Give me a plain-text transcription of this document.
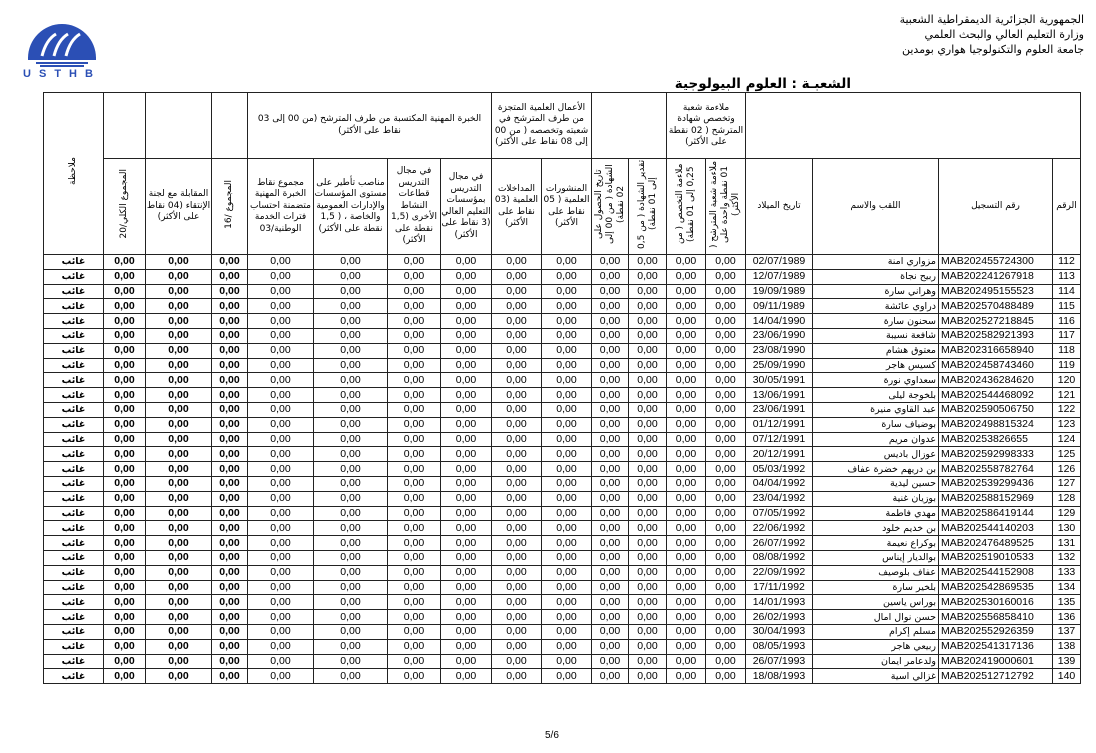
USTHB
الجمهورية الجزائرية الديمقراطية الشعبية
وزارة التعليم العالي والبحث العلمي
جامعة العلوم والتكنولوجيا هواري بومدين
الشعبـة : العلوم البيولوجية
ملاحظة				الخبرة المهنية المكتسبة من طرف المترشح (من 00 إلى 03 نقاط على الأكثر)				الأعمال العلمية المتجزة من طرف المترشح في شعبته وتخصصه ( من 00 إلى 08 نقاط على الأكثر)				ملاءمة شعبة وتخصص شهادة المترشح ( 02 نقطة على الأكثر)					
	المجموع الكلي/20	المقابلة مع لجنة الإنتقاء (04 نقاط على الأكثر)	المجموع /16	مجموع نقاط الخبرة المهنية متضمنة احتساب فترات الخدمة الوطنية/03	مناصب تأطير على مستوى المؤسسات والإدارات العمومية والخاصة ، ( 1,5 نقطة على الأكثر)	في مجال التدريس قطاعات النشاط الأخرى (1,5 نقطة على الأكثر)	في مجال التدريس بمؤسسات التعليم العالي (3 نقاط على الأكثر)	المداخلات العلمية (03 نقاط على الأكثر)	المنشورات العلمية ( 05 نقاط على الأكثر)	تاريخ الحصول على الشهادة ( من 00 إلى 02 نقطة)	تقدير الشهادة ( من 0,5 إلى 01 نقطة)	ملاءمة التخصص ( من 0,25 إلى 01 نقطة)	ملاءمة شعبة المترشح ( 01 نقطة واحدة على الأكثر)	تاريخ الميلاد	اللقب والاسم	رقم التسجيل	الرقم
غائب	0,00	0,00	0,00	0,00	0,00	0,00	0,00	0,00	0,00	0,00	0,00	0,00	0,00	02/07/1989	مزواري امنة	MAB202455724300	112
غائب	0,00	0,00	0,00	0,00	0,00	0,00	0,00	0,00	0,00	0,00	0,00	0,00	0,00	12/07/1989	ربيح نجاة	MAB202241267918	113
غائب	0,00	0,00	0,00	0,00	0,00	0,00	0,00	0,00	0,00	0,00	0,00	0,00	0,00	19/09/1989	وهراني سارة	MAB202495155523	114
غائب	0,00	0,00	0,00	0,00	0,00	0,00	0,00	0,00	0,00	0,00	0,00	0,00	0,00	09/11/1989	دراوي عائشة	MAB202570488489	115
غائب	0,00	0,00	0,00	0,00	0,00	0,00	0,00	0,00	0,00	0,00	0,00	0,00	0,00	14/04/1990	سحنون سارة	MAB202527218845	116
غائب	0,00	0,00	0,00	0,00	0,00	0,00	0,00	0,00	0,00	0,00	0,00	0,00	0,00	23/06/1990	شافعة نسيبة	MAB202582921393	117
غائب	0,00	0,00	0,00	0,00	0,00	0,00	0,00	0,00	0,00	0,00	0,00	0,00	0,00	23/08/1990	معتوق هشام	MAB202316658940	118
غائب	0,00	0,00	0,00	0,00	0,00	0,00	0,00	0,00	0,00	0,00	0,00	0,00	0,00	25/09/1990	كسيس هاجر	MAB202458743460	119
غائب	0,00	0,00	0,00	0,00	0,00	0,00	0,00	0,00	0,00	0,00	0,00	0,00	0,00	30/05/1991	سعداوي نورة	MAB202436284620	120
غائب	0,00	0,00	0,00	0,00	0,00	0,00	0,00	0,00	0,00	0,00	0,00	0,00	0,00	13/06/1991	بلخوجة ليلى	MAB202544468092	121
غائب	0,00	0,00	0,00	0,00	0,00	0,00	0,00	0,00	0,00	0,00	0,00	0,00	0,00	23/06/1991	عبد القاوي منيرة	MAB202590506750	122
غائب	0,00	0,00	0,00	0,00	0,00	0,00	0,00	0,00	0,00	0,00	0,00	0,00	0,00	01/12/1991	بوضياف سارة	MAB202498815324	123
غائب	0,00	0,00	0,00	0,00	0,00	0,00	0,00	0,00	0,00	0,00	0,00	0,00	0,00	07/12/1991	عدوان مريم	MAB20253826655	124
غائب	0,00	0,00	0,00	0,00	0,00	0,00	0,00	0,00	0,00	0,00	0,00	0,00	0,00	20/12/1991	عوزال باديس	MAB202592998333	125
غائب	0,00	0,00	0,00	0,00	0,00	0,00	0,00	0,00	0,00	0,00	0,00	0,00	0,00	05/03/1992	بن دريهم خضرة عفاف	MAB202558782764	126
غائب	0,00	0,00	0,00	0,00	0,00	0,00	0,00	0,00	0,00	0,00	0,00	0,00	0,00	04/04/1992	حسين ليدية	MAB202539299436	127
غائب	0,00	0,00	0,00	0,00	0,00	0,00	0,00	0,00	0,00	0,00	0,00	0,00	0,00	23/04/1992	بوزيان غنية	MAB202588152969	128
غائب	0,00	0,00	0,00	0,00	0,00	0,00	0,00	0,00	0,00	0,00	0,00	0,00	0,00	07/05/1992	مهدي فاطمة	MAB202586419144	129
غائب	0,00	0,00	0,00	0,00	0,00	0,00	0,00	0,00	0,00	0,00	0,00	0,00	0,00	22/06/1992	بن خديم خلود	MAB202544140203	130
غائب	0,00	0,00	0,00	0,00	0,00	0,00	0,00	0,00	0,00	0,00	0,00	0,00	0,00	26/07/1992	بوكراع نعيمة	MAB202476489525	131
غائب	0,00	0,00	0,00	0,00	0,00	0,00	0,00	0,00	0,00	0,00	0,00	0,00	0,00	08/08/1992	بوالديار إيناس	MAB202519010533	132
غائب	0,00	0,00	0,00	0,00	0,00	0,00	0,00	0,00	0,00	0,00	0,00	0,00	0,00	22/09/1992	عفاف بلوصيف	MAB202544152908	133
غائب	0,00	0,00	0,00	0,00	0,00	0,00	0,00	0,00	0,00	0,00	0,00	0,00	0,00	17/11/1992	بلخير سارة	MAB202542869535	134
غائب	0,00	0,00	0,00	0,00	0,00	0,00	0,00	0,00	0,00	0,00	0,00	0,00	0,00	14/01/1993	بوراس ياسين	MAB202530160016	135
غائب	0,00	0,00	0,00	0,00	0,00	0,00	0,00	0,00	0,00	0,00	0,00	0,00	0,00	26/02/1993	حسن نوال امال	MAB202556858410	136
غائب	0,00	0,00	0,00	0,00	0,00	0,00	0,00	0,00	0,00	0,00	0,00	0,00	0,00	30/04/1993	مسلم إكرام	MAB202552926359	137
غائب	0,00	0,00	0,00	0,00	0,00	0,00	0,00	0,00	0,00	0,00	0,00	0,00	0,00	08/05/1993	ربيعي هاجر	MAB202541317136	138
غائب	0,00	0,00	0,00	0,00	0,00	0,00	0,00	0,00	0,00	0,00	0,00	0,00	0,00	26/07/1993	ولدعامر ايمان	MAB202419000601	139
غائب	0,00	0,00	0,00	0,00	0,00	0,00	0,00	0,00	0,00	0,00	0,00	0,00	0,00	18/08/1993	غزالي اسية	MAB202512712792	140
5/6
